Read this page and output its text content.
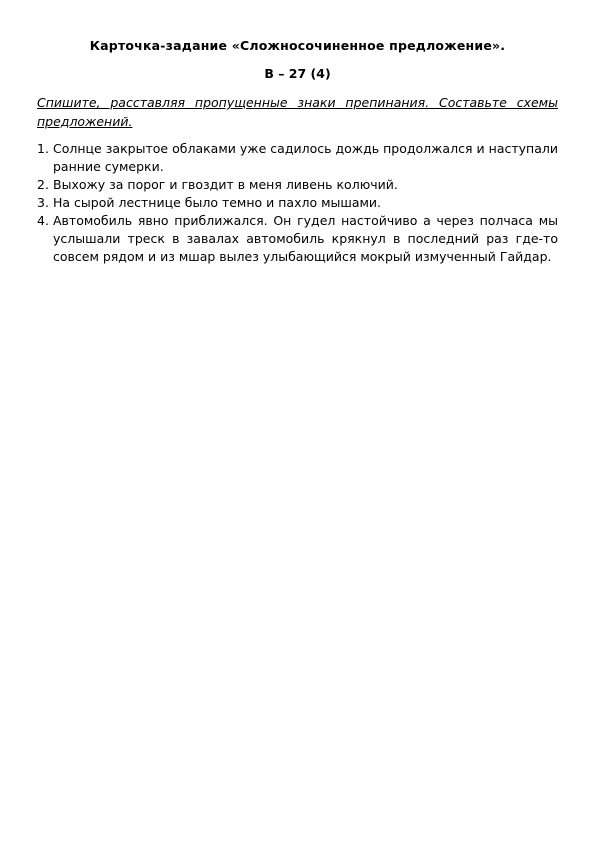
Карточка-задание «Сложносочиненное предложение».
В – 27 (4)
Спишите, расставляя пропущенные знаки препинания. Составьте схемы предложений.
1. Солнце закрытое облаками уже садилось дождь продолжался и наступали ранние сумерки.
2. Выхожу за порог и гвоздит в меня ливень колючий.
3. На сырой лестнице было темно и пахло мышами.
4. Автомобиль явно приближался. Он гудел настойчиво а через полчаса мы услышали треск в завалах автомобиль крякнул в последний раз где-то совсем рядом и из мшар вылез улыбающийся мокрый измученный Гайдар.
